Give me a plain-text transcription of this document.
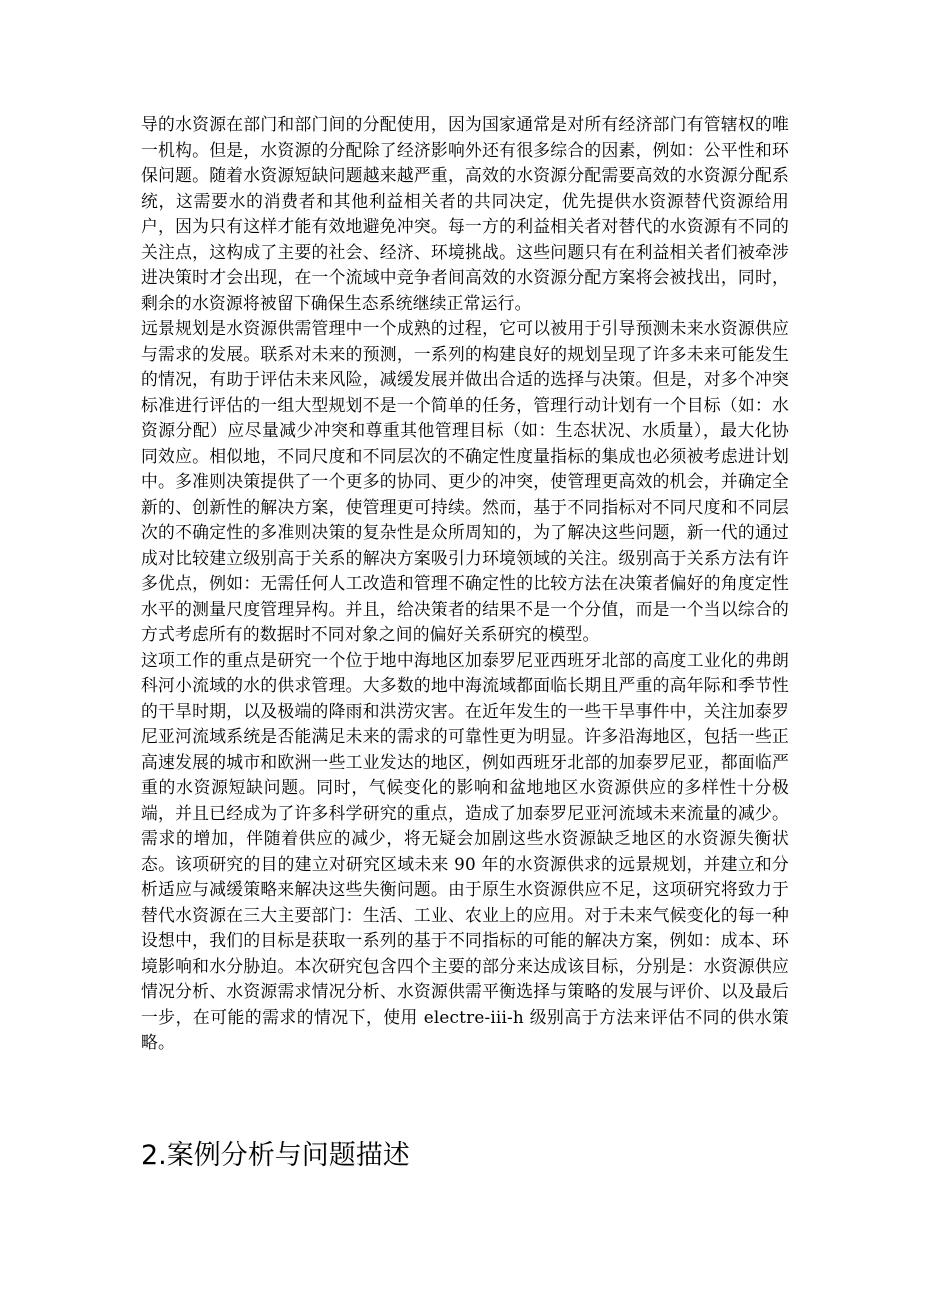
导的水资源在部门和部门间的分配使用，因为国家通常是对所有经济部门有管辖权的唯一机构。但是，水资源的分配除了经济影响外还有很多综合的因素，例如：公平性和环保问题。随着水资源短缺问题越来越严重，高效的水资源分配需要高效的水资源分配系统，这需要水的消费者和其他利益相关者的共同决定，优先提供水资源替代资源给用户，因为只有这样才能有效地避免冲突。每一方的利益相关者对替代的水资源有不同的关注点，这构成了主要的社会、经济、环境挑战。这些问题只有在利益相关者们被牵涉进决策时才会出现，在一个流域中竞争者间高效的水资源分配方案将会被找出，同时，剩余的水资源将被留下确保生态系统继续正常运行。

远景规划是水资源供需管理中一个成熟的过程，它可以被用于引导预测未来水资源供应与需求的发展。联系对未来的预测，一系列的构建良好的规划呈现了许多未来可能发生的情况，有助于评估未来风险，减缓发展并做出合适的选择与决策。但是，对多个冲突标准进行评估的一组大型规划不是一个简单的任务，管理行动计划有一个目标（如：水资源分配）应尽量减少冲突和尊重其他管理目标（如：生态状况、水质量），最大化协同效应。相似地，不同尺度和不同层次的不确定性度量指标的集成也必须被考虑进计划中。多准则决策提供了一个更多的协同、更少的冲突，使管理更高效的机会，并确定全新的、创新性的解决方案，使管理更可持续。然而，基于不同指标对不同尺度和不同层次的不确定性的多准则决策的复杂性是众所周知的，为了解决这些问题，新一代的通过成对比较建立级别高于关系的解决方案吸引力环境领域的关注。级别高于关系方法有许多优点，例如：无需任何人工改造和管理不确定性的比较方法在决策者偏好的角度定性水平的测量尺度管理异构。并且，给决策者的结果不是一个分值，而是一个当以综合的方式考虑所有的数据时不同对象之间的偏好关系研究的模型。

这项工作的重点是研究一个位于地中海地区加泰罗尼亚西班牙北部的高度工业化的弗朗科河小流域的水的供求管理。大多数的地中海流域都面临长期且严重的高年际和季节性的干旱时期，以及极端的降雨和洪涝灾害。在近年发生的一些干旱事件中，关注加泰罗尼亚河流域系统是否能满足未来的需求的可靠性更为明显。许多沿海地区，包括一些正高速发展的城市和欧洲一些工业发达的地区，例如西班牙北部的加泰罗尼亚，都面临严重的水资源短缺问题。同时，气候变化的影响和盆地地区水资源供应的多样性十分极端，并且已经成为了许多科学研究的重点，造成了加泰罗尼亚河流域未来流量的减少。需求的增加，伴随着供应的减少，将无疑会加剧这些水资源缺乏地区的水资源失衡状态。该项研究的目的建立对研究区域未来 90 年的水资源供求的远景规划，并建立和分析适应与减缓策略来解决这些失衡问题。由于原生水资源供应不足，这项研究将致力于替代水资源在三大主要部门：生活、工业、农业上的应用。对于未来气候变化的每一种设想中，我们的目标是获取一系列的基于不同指标的可能的解决方案，例如：成本、环境影响和水分胁迫。本次研究包含四个主要的部分来达成该目标，分别是：水资源供应情况分析、水资源需求情况分析、水资源供需平衡选择与策略的发展与评价、以及最后一步，在可能的需求的情况下，使用 electre-iii-h 级别高于方法来评估不同的供水策略。

2.案例分析与问题描述
